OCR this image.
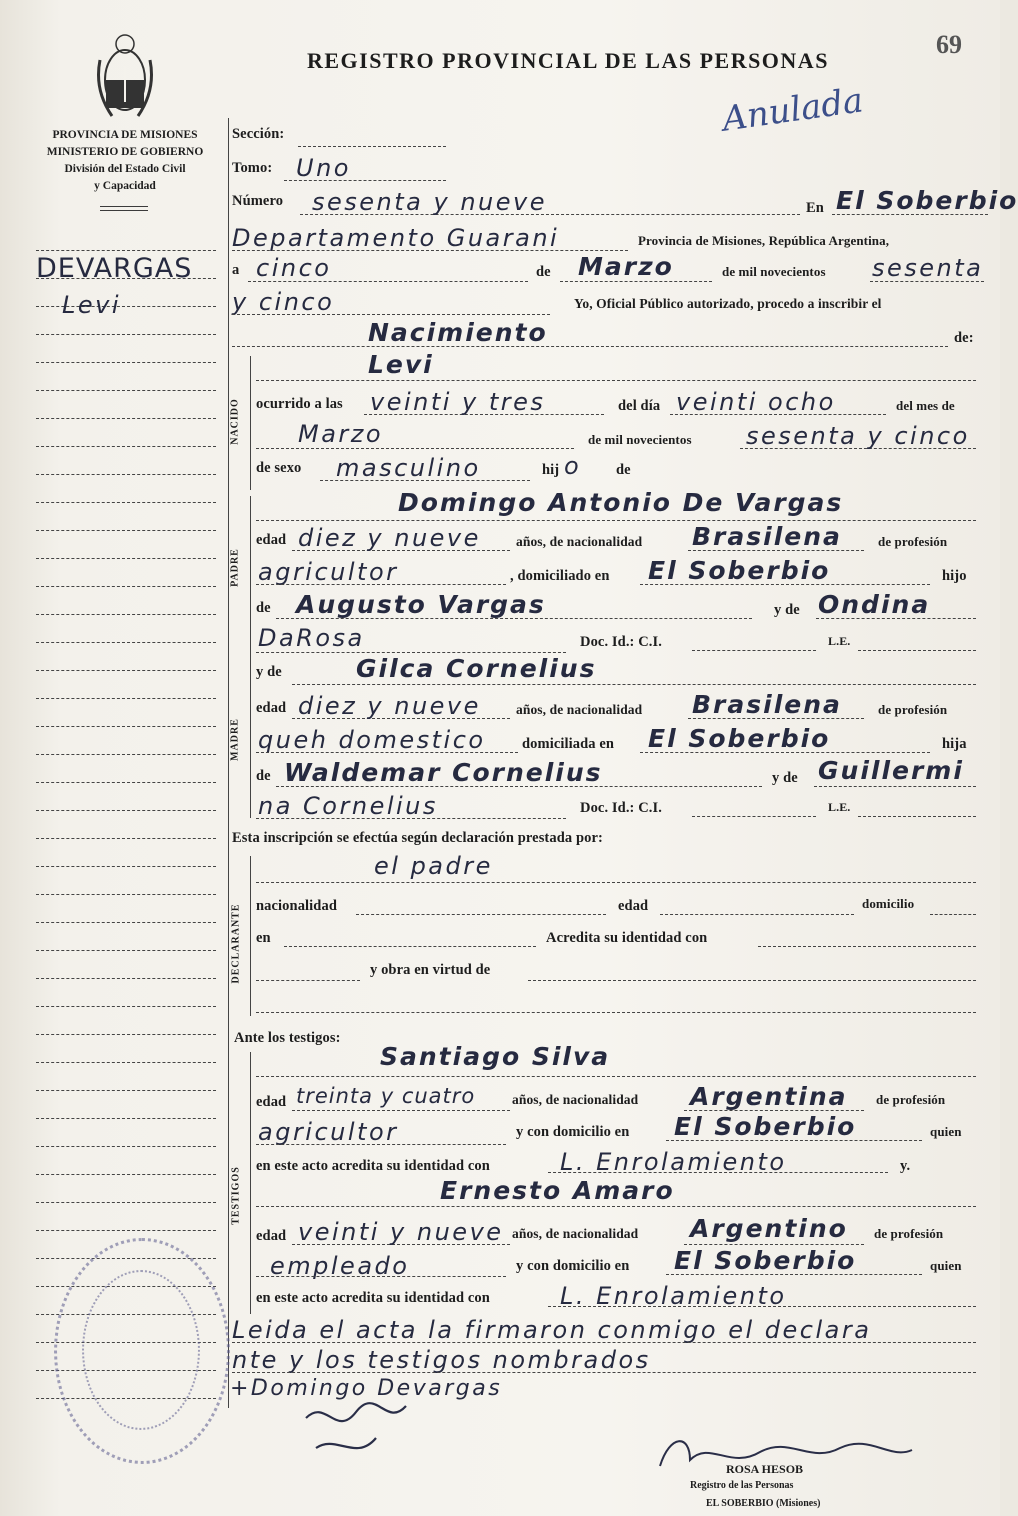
REGISTRO PROVINCIAL DE LAS PERSONAS
69
Anulada
PROVINCIA DE MISIONES
MINISTERIO DE GOBIERNO
División del Estado Civil
y Capacidad
DEVARGAS
Levi
Sección:
Tomo: Uno
Número sesenta y nueve	En El Soberbio
Departamento Guarani	Provincia de Misiones, República Argentina,
a cinco	de Marzo	de mil novecientos sesenta
y cinco	Yo, Oficial Público autorizado, procedo a inscribir el
Nacimiento	de:
NACIDO
Levi
ocurrido a las veinti y tres	del día veinti ocho	del mes de
Marzo	de mil novecientos sesenta y cinco
de sexo masculino	hij o de
PADRE
Domingo Antonio De Vargas
edad diez y nueve	años, de nacionalidad Brasilena	de profesión
agricultor	, domiciliado en El Soberbio	hijo
de Augusto Vargas	y de Ondina
DaRosa	Doc. Id.: C.I.	L.E.
MADRE
y de	Gilca Cornelius
edad diez y nueve	años, de nacionalidad Brasilena	de profesión
queh domestico	domiciliada en El Soberbio	hija
de Waldemar Cornelius	y de Guillermi
na Cornelius	Doc. Id.: C.I.	L.E.
Esta inscripción se efectúa según declaración prestada por:
DECLARANTE
el padre
nacionalidad	edad	domicilio
en	Acredita su identidad con
y obra en virtud de
Ante los testigos:
TESTIGOS
Santiago Silva
edad treinta y cuatro	años, de nacionalidad Argentina de profesión
agricultor	y con domicilio en El Soberbio	quien
en este acto acredita su identidad con	L. Enrolamiento	y.
Ernesto Amaro
edad veinti y nueve años, de nacionalidad Argentino de profesión
empleado	y con domicilio en El Soberbio	quien
en este acto acredita su identidad con	L. Enrolamiento
Leida el acta la firmaron conmigo el declara
nte y los testigos nombrados
+Domingo Devargas
ROSA HESOB
Registro de las Personas
EL SOBERBIO (Misiones)
